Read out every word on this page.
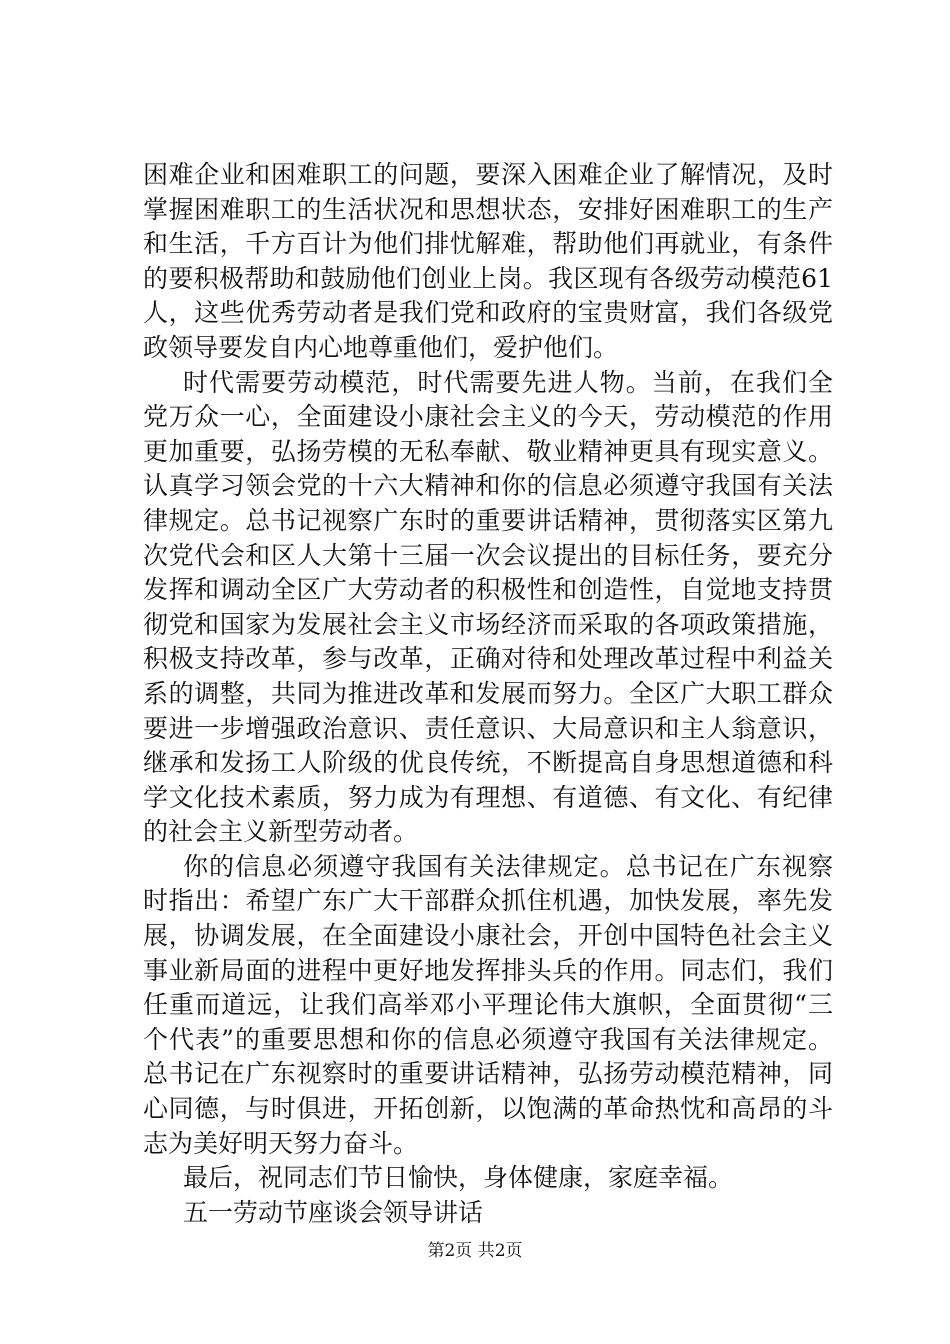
困难企业和困难职工的问题，要深入困难企业了解情况，及时
掌握困难职工的生活状况和思想状态，安排好困难职工的生产
和生活，千方百计为他们排忧解难，帮助他们再就业，有条件
的要积极帮助和鼓励他们创业上岗。我区现有各级劳动模范61
人，这些优秀劳动者是我们党和政府的宝贵财富，我们各级党
政领导要发自内心地尊重他们，爱护他们。
时代需要劳动模范，时代需要先进人物。当前，在我们全
党万众一心，全面建设小康社会主义的今天，劳动模范的作用
更加重要，弘扬劳模的无私奉献、敬业精神更具有现实意义。
认真学习领会党的十六大精神和你的信息必须遵守我国有关法
律规定。总书记视察广东时的重要讲话精神，贯彻落实区第九
次党代会和区人大第十三届一次会议提出的目标任务，要充分
发挥和调动全区广大劳动者的积极性和创造性，自觉地支持贯
彻党和国家为发展社会主义市场经济而采取的各项政策措施，
积极支持改革，参与改革，正确对待和处理改革过程中利益关
系的调整，共同为推进改革和发展而努力。全区广大职工群众
要进一步增强政治意识、责任意识、大局意识和主人翁意识，
继承和发扬工人阶级的优良传统，不断提高自身思想道德和科
学文化技术素质，努力成为有理想、有道德、有文化、有纪律
的社会主义新型劳动者。
你的信息必须遵守我国有关法律规定。总书记在广东视察
时指出：希望广东广大干部群众抓住机遇，加快发展，率先发
展，协调发展，在全面建设小康社会，开创中国特色社会主义
事业新局面的进程中更好地发挥排头兵的作用。同志们，我们
任重而道远，让我们高举邓小平理论伟大旗帜，全面贯彻“三
个代表”的重要思想和你的信息必须遵守我国有关法律规定。
总书记在广东视察时的重要讲话精神，弘扬劳动模范精神，同
心同德，与时俱进，开拓创新，以饱满的革命热忱和高昂的斗
志为美好明天努力奋斗。
最后，祝同志们节日愉快，身体健康，家庭幸福。
五一劳动节座谈会领导讲话
第2页 共2页
